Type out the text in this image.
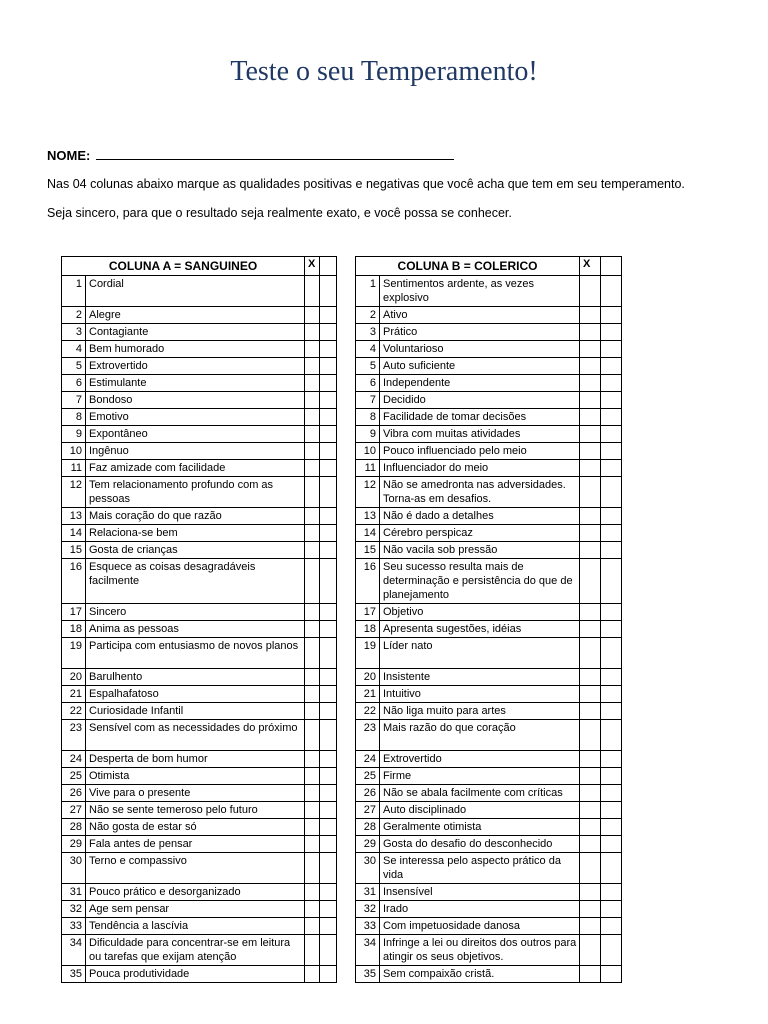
Teste o seu Temperamento!
NOME:
Nas 04 colunas abaixo marque as qualidades positivas e negativas que você acha que tem em seu temperamento.
Seja sincero, para que o resultado seja realmente exato, e você possa se conhecer.
COLUNA A = SANGUINEO		X	
1	Cordial		
2	Alegre		
3	Contagiante		
4	Bem humorado		
5	Extrovertido		
6	Estimulante		
7	Bondoso		
8	Emotivo		
9	Expontâneo		
10	Ingênuo		
11	Faz amizade com facilidade		
12	Tem relacionamento profundo com as pessoas		
13	Mais coração do que razão		
14	Relaciona-se bem		
15	Gosta de crianças		
16	Esquece as coisas desagradáveis facilmente		
17	Sincero		
18	Anima as pessoas		
19	Participa com entusiasmo de novos planos		
20	Barulhento		
21	Espalhafatoso		
22	Curiosidade Infantil		
23	Sensível com as necessidades do próximo		
24	Desperta de bom humor		
25	Otimista		
26	Vive para o presente		
27	Não se sente temeroso pelo futuro		
28	Não gosta de estar só		
29	Fala antes de pensar		
30	Terno e compassivo		
31	Pouco prático e desorganizado		
32	Age sem pensar		
33	Tendência a lascívia		
34	Dificuldade para concentrar-se em leitura ou tarefas que exijam atenção		
35	Pouca produtividade		
COLUNA B = COLERICO		X	
1	Sentimentos ardente, as vezes explosivo		
2	Ativo		
3	Prático		
4	Voluntarioso		
5	Auto suficiente		
6	Independente		
7	Decidido		
8	Facilidade de tomar decisões		
9	Vibra com muitas atividades		
10	Pouco influenciado pelo meio		
11	Influenciador do meio		
12	Não se amedronta nas adversidades. Torna-as em desafios.		
13	Não é dado a detalhes		
14	Cérebro perspicaz		
15	Não vacila sob pressão		
16	Seu sucesso resulta mais de determinação e persistência do que de planejamento		
17	Objetivo		
18	Apresenta sugestões, idéias		
19	Líder nato		
20	Insistente		
21	Intuitivo		
22	Não liga muito para artes		
23	Mais razão do que coração		
24	Extrovertido		
25	Firme		
26	Não se abala facilmente com críticas		
27	Auto disciplinado		
28	Geralmente otimista		
29	Gosta do desafio do desconhecido		
30	Se interessa pelo aspecto prático da vida		
31	Insensível		
32	Irado		
33	Com impetuosidade danosa		
34	Infringe a lei ou direitos dos outros para atingir os seus objetivos.		
35	Sem compaixão cristã.		
